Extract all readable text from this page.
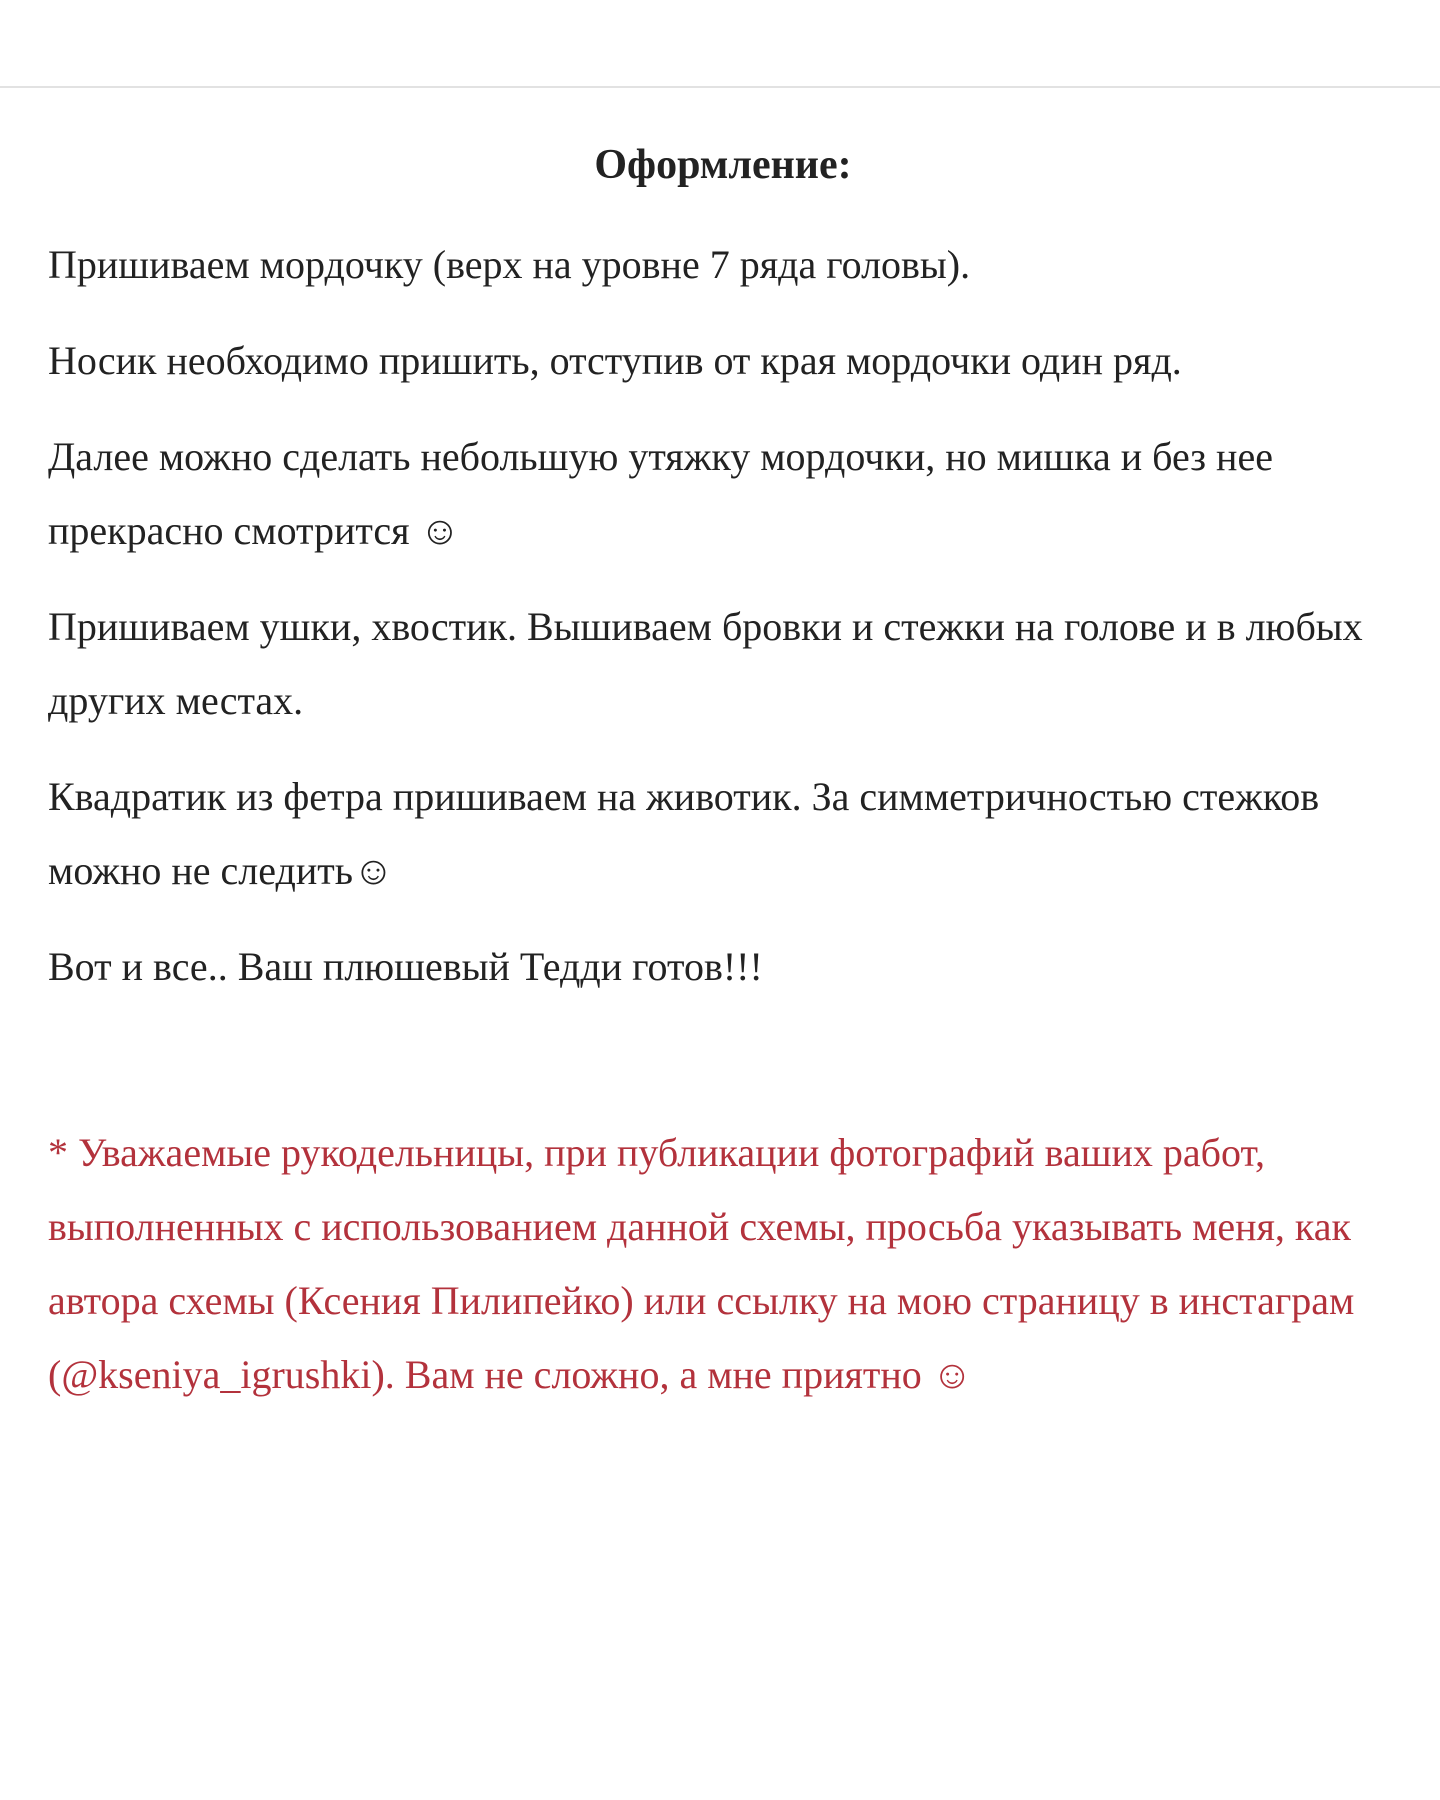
Оформление:

Пришиваем мордочку (верх на уровне 7 ряда головы).

Носик необходимо пришить, отступив от края мордочки один ряд.

Далее можно сделать небольшую утяжку мордочки, но мишка и без нее прекрасно смотрится ☺

Пришиваем ушки, хвостик. Вышиваем бровки и стежки на голове и в любых других местах.

Квадратик из фетра пришиваем на животик. За симметричностью стежков можно не следить☺

Вот и все.. Ваш плюшевый Тедди готов!!!

* Уважаемые рукодельницы, при публикации фотографий ваших работ, выполненных с использованием данной схемы, просьба указывать меня, как автора схемы (Ксения Пилипейко) или ссылку на мою страницу в инстаграм (@kseniya_igrushki). Вам не сложно, а мне приятно ☺
